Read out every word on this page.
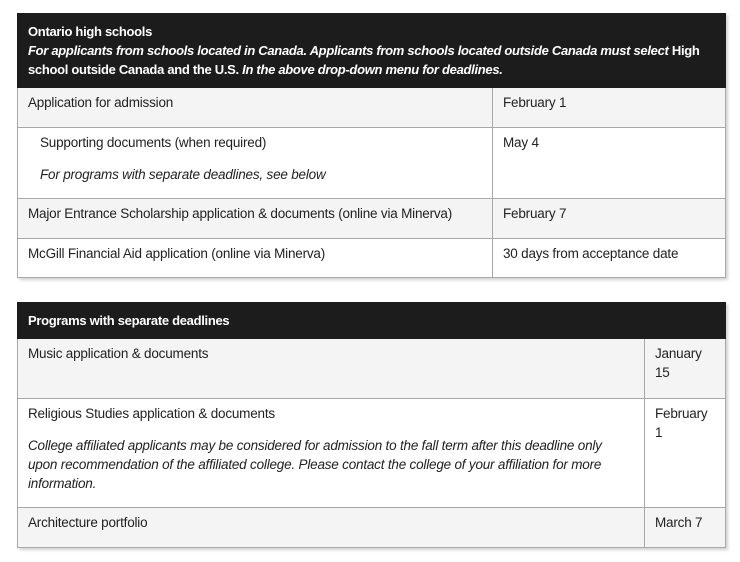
Ontario high schools
For applicants from schools located in Canada. Applicants from schools located outside Canada must select High school outside Canada and the U.S. In the above drop-down menu for deadlines.	

Application for admission	February 1

Supporting documents (when required)
For programs with separate deadlines, see below	May 4
Major Entrance Scholarship application & documents (online via Minerva)	February 7
McGill Financial Aid application (online via Minerva)	30 days from acceptance date
Programs with separate deadlines	
Music application & documents	January 15
Religious Studies application & documents
College affiliated applicants may be considered for admission to the fall term after this deadline only upon recommendation of the affiliated college. Please contact the college of your affiliation for more information.	February 1
Architecture portfolio	March 7
